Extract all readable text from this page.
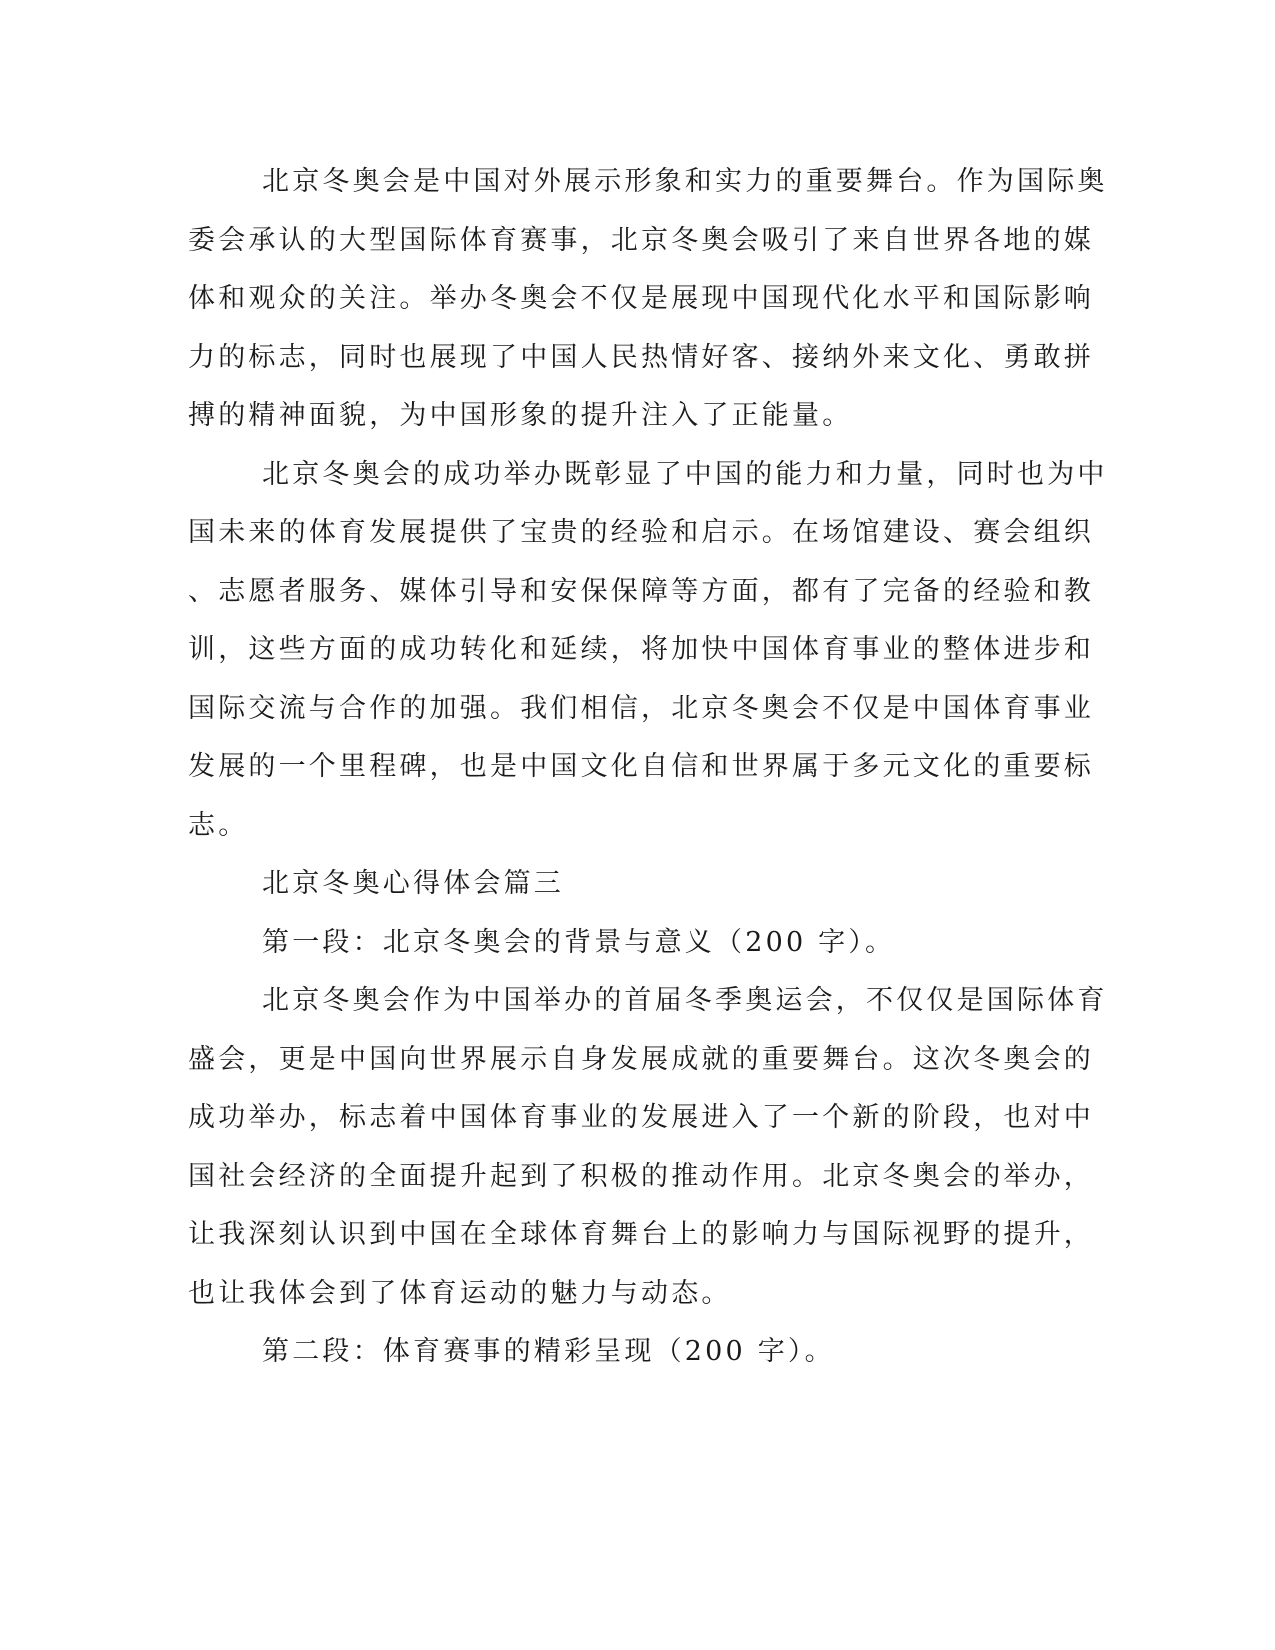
北京冬奥会是中国对外展示形象和实力的重要舞台。作为国际奥
委会承认的大型国际体育赛事，北京冬奥会吸引了来自世界各地的媒
体和观众的关注。举办冬奥会不仅是展现中国现代化水平和国际影响
力的标志，同时也展现了中国人民热情好客、接纳外来文化、勇敢拼
搏的精神面貌，为中国形象的提升注入了正能量。
北京冬奥会的成功举办既彰显了中国的能力和力量，同时也为中
国未来的体育发展提供了宝贵的经验和启示。在场馆建设、赛会组织
、志愿者服务、媒体引导和安保保障等方面，都有了完备的经验和教
训，这些方面的成功转化和延续，将加快中国体育事业的整体进步和
国际交流与合作的加强。我们相信，北京冬奥会不仅是中国体育事业
发展的一个里程碑，也是中国文化自信和世界属于多元文化的重要标
志。
北京冬奥心得体会篇三
第一段：北京冬奥会的背景与意义（200 字）。
北京冬奥会作为中国举办的首届冬季奥运会，不仅仅是国际体育
盛会，更是中国向世界展示自身发展成就的重要舞台。这次冬奥会的
成功举办，标志着中国体育事业的发展进入了一个新的阶段，也对中
国社会经济的全面提升起到了积极的推动作用。北京冬奥会的举办，
让我深刻认识到中国在全球体育舞台上的影响力与国际视野的提升，
也让我体会到了体育运动的魅力与动态。
第二段：体育赛事的精彩呈现（200 字）。
